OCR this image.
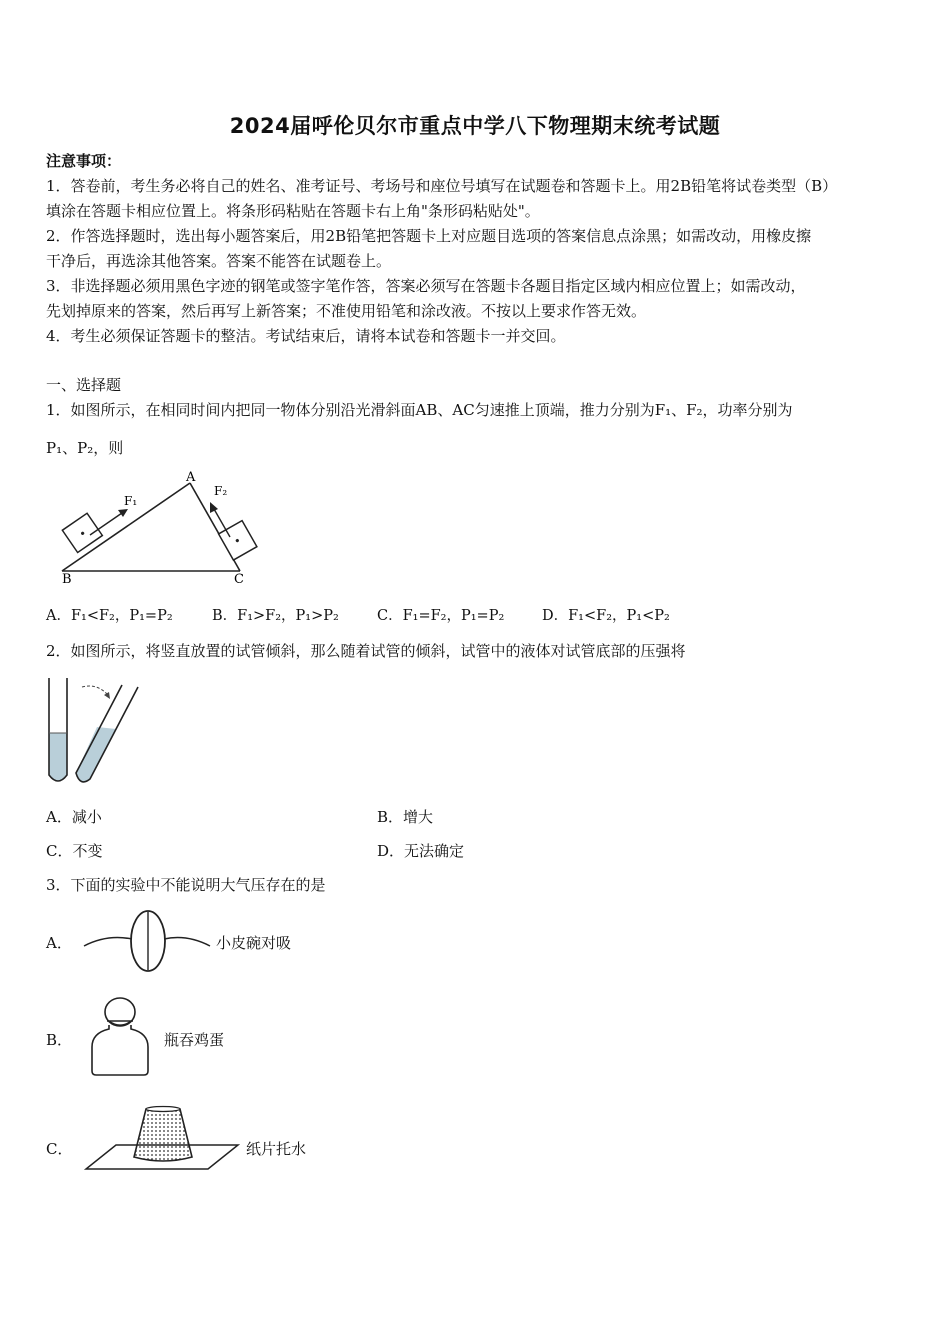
2024届呼伦贝尔市重点中学八下物理期末统考试题
注意事项：
1．答卷前，考生务必将自己的姓名、准考证号、考场号和座位号填写在试题卷和答题卡上。用2B铅笔将试卷类型（B）
填涂在答题卡相应位置上。将条形码粘贴在答题卡右上角"条形码粘贴处"。
2．作答选择题时，选出每小题答案后，用2B铅笔把答题卡上对应题目选项的答案信息点涂黑；如需改动，用橡皮擦
干净后，再选涂其他答案。答案不能答在试题卷上。
3．非选择题必须用黑色字迹的钢笔或签字笔作答，答案必须写在答题卡各题目指定区域内相应位置上；如需改动，
先划掉原来的答案，然后再写上新答案；不准使用铅笔和涂改液。不按以上要求作答无效。
4．考生必须保证答题卡的整洁。考试结束后，请将本试卷和答题卡一并交回。
一、选择题
1．如图所示，在相同时间内把同一物体分别沿光滑斜面AB、AC匀速推上顶端，推力分别为F₁、F₂，功率分别为
P₁、P₂，则
A
B	C
F₁
F₂
A．F₁<F₂，P₁=P₂	B．F₁>F₂，P₁>P₂	C．F₁=F₂，P₁=P₂	D．F₁<F₂，P₁<P₂
2．如图所示，将竖直放置的试管倾斜，那么随着试管的倾斜，试管中的液体对试管底部的压强将
A．减小	B．增大
C．不变	D．无法确定
3．下面的实验中不能说明大气压存在的是
A．	小皮碗对吸
B．	瓶吞鸡蛋
C．	纸片托水
